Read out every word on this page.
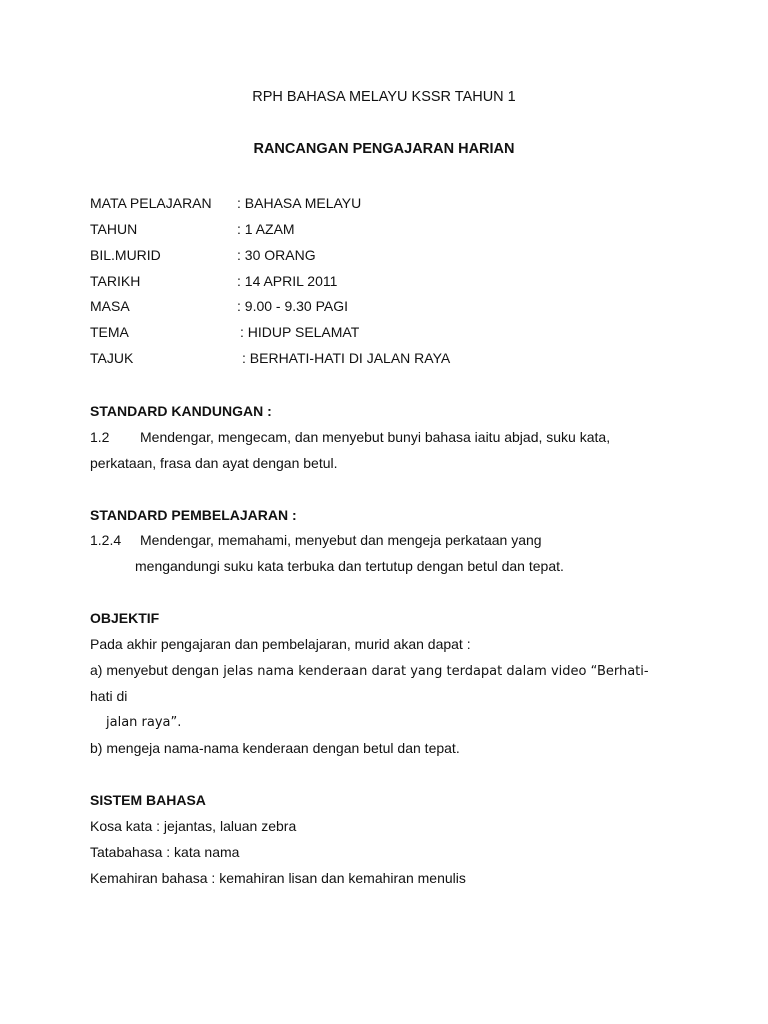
RPH BAHASA MELAYU KSSR TAHUN 1
RANCANGAN PENGAJARAN HARIAN
MATA PELAJARAN : BAHASA MELAYU
TAHUN	: 1 AZAM
BIL.MURID	: 30 ORANG
TARIKH	: 14 APRIL 2011
MASA	: 9.00 - 9.30 PAGI
TEMA	: HIDUP SELAMAT
TAJUK	: BERHATI-HATI DI JALAN RAYA
STANDARD KANDUNGAN :
1.2 Mendengar, mengecam, dan menyebut bunyi bahasa iaitu abjad, suku kata,
perkataan, frasa dan ayat dengan betul.
STANDARD PEMBELAJARAN :
1.2.4 Mendengar, memahami, menyebut dan mengeja perkataan yang
mengandungi suku kata terbuka dan tertutup dengan betul dan tepat.
OBJEKTIF
Pada akhir pengajaran dan pembelajaran, murid akan dapat :
a) menyebut dengan jelas nama kenderaan darat yang terdapat dalam video “Berhati-
hati di
jalan raya”.
b) mengeja nama-nama kenderaan dengan betul dan tepat.
SISTEM BAHASA
Kosa kata : jejantas, laluan zebra
Tatabahasa : kata nama
Kemahiran bahasa : kemahiran lisan dan kemahiran menulis
